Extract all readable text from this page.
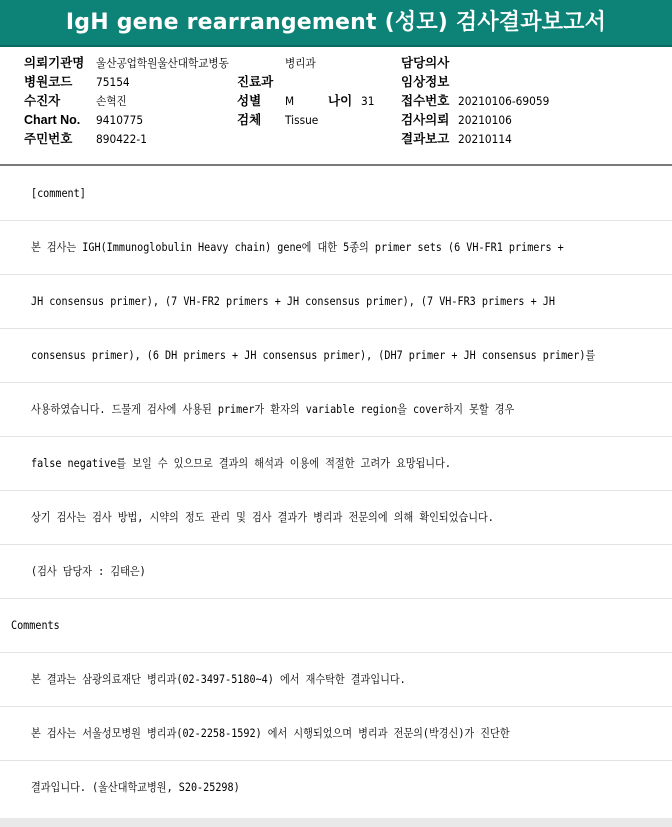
IgH gene rearrangement (성모) 검사결과보고서
의뢰기관명 울산공업학원울산대학교병동	병리과	담당의사
병원코드 75154	진료과	임상정보
수진자	손혁진	성별 M	나이 31 접수번호 20210106-69059
Chart No. 9410775	검체 Tissue	검사의뢰 20210106
주민번호 890422-1	결과보고 20210114
[comment]
본 검사는 IGH(Immunoglobulin Heavy chain) gene에 대한 5종의 primer sets (6 VH-FR1 primers +
JH consensus primer), (7 VH-FR2 primers + JH consensus primer), (7 VH-FR3 primers + JH
consensus primer), (6 DH primers + JH consensus primer), (DH7 primer + JH consensus primer)를
사용하였습니다. 드물게 검사에 사용된 primer가 환자의 variable region을 cover하지 못할 경우
false negative를 보일 수 있으므로 결과의 해석과 이용에 적절한 고려가 요망됩니다.
상기 검사는 검사 방법, 시약의 정도 관리 및 검사 결과가 병리과 전문의에 의해 확인되었습니다.
(검사 담당자 : 김태은)
Comments
본 결과는 삼광의료재단 병리과(02-3497-5180~4) 에서 재수탁한 결과입니다.
본 검사는 서울성모병원 병리과(02-2258-1592) 에서 시행되었으며 병리과 전문의(박경신)가 진단한
결과입니다. (울산대학교병원, S20-25298)
